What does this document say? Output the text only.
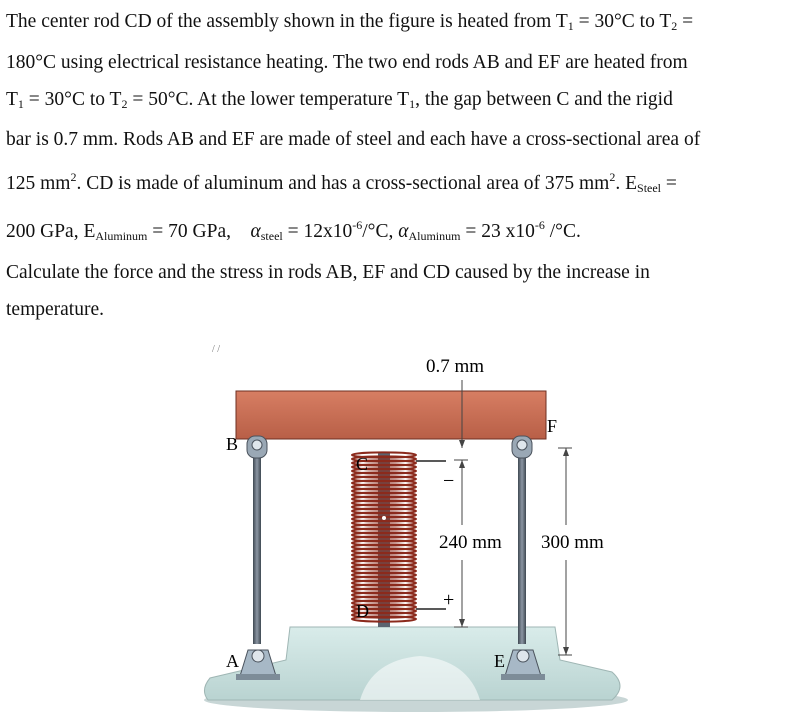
The center rod CD of the assembly shown in the figure is heated from $T_1 = 30^\circ C$ to $T_2$ =

180°C using electrical resistance heating. The two end rods AB and EF are heated from

$T_1 = 30^\circ C$ to $T_2 = 50^\circ C$. At the lower temperature $T_1$, the gap between C and the rigid

bar is 0.7 mm. Rods AB and EF are made of steel and each have a cross-sectional area of

125 $mm^2$. CD is made of aluminum and has a cross-sectional area of 375 $mm^2$. $E_{Steel}$ =

200 GPa, $E_{Aluminum} = 70$ GPa,    $\alpha_{steel} = 12x10^{-6}/^\circ C$, $\alpha_{Aluminum} = 23$ $x10^{-6}$ /°C.

Calculate the force and the stress in rods AB, EF and CD caused by the increase in

temperature.

/ /
0.7 mm
B
C
D
A	E
F
−
+
240 mm 300 mm
